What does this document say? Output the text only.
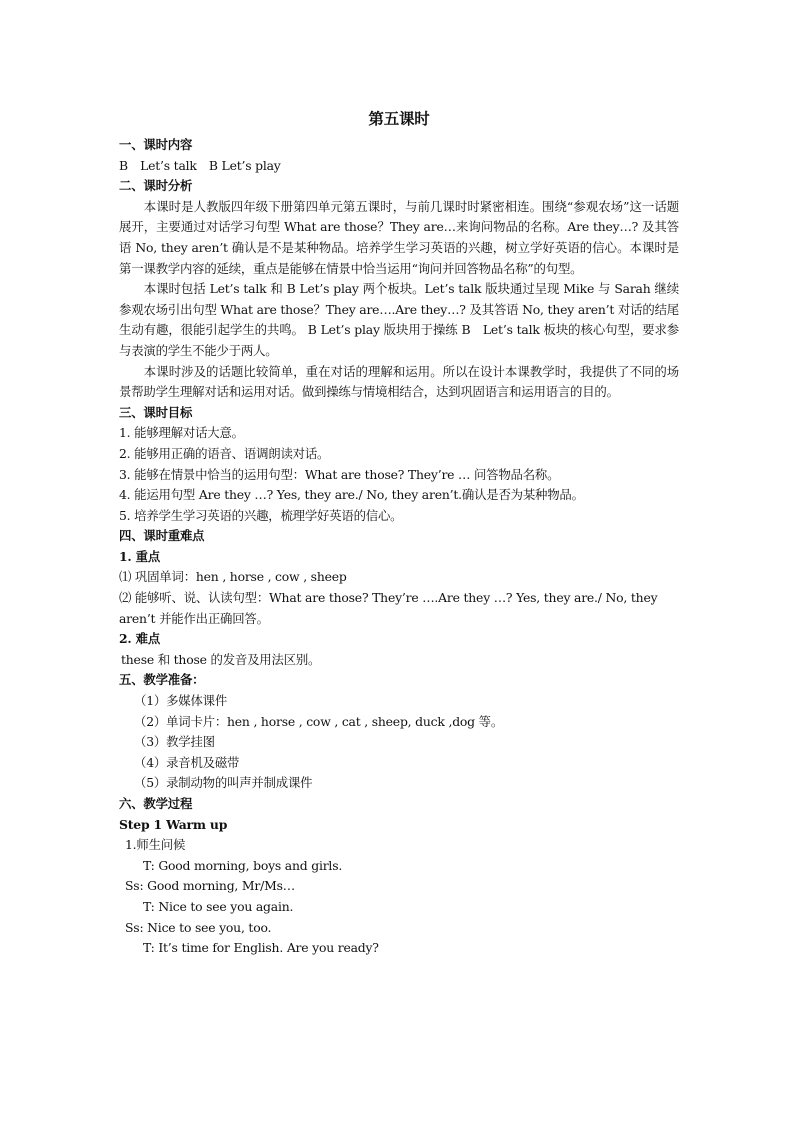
第五课时
一、课时内容
B　Let’s talk　B Let’s play
二、课时分析
本课时是人教版四年级下册第四单元第五课时，与前几课时时紧密相连。围绕“参观农场”这一话题展开，主要通过对话学习句型 What are those？They are…来询问物品的名称。Are they…? 及其答语 No, they aren’t 确认是不是某种物品。培养学生学习英语的兴趣，树立学好英语的信心。本课时是第一课教学内容的延续，重点是能够在情景中恰当运用“询问并回答物品名称”的句型。
本课时包括 Let’s talk 和 B Let’s play 两个板块。Let’s talk 版块通过呈现 Mike 与 Sarah 继续参观农场引出句型 What are those？They are….Are they…? 及其答语 No, they aren’t 对话的结尾生动有趣，很能引起学生的共鸣。 B Let’s play 版块用于操练 B　Let’s talk 板块的核心句型，要求参与表演的学生不能少于两人。
本课时涉及的话题比较简单，重在对话的理解和运用。所以在设计本课教学时，我提供了不同的场景帮助学生理解对话和运用对话。做到操练与情境相结合，达到巩固语言和运用语言的目的。
三、课时目标
1. 能够理解对话大意。
2. 能够用正确的语音、语调朗读对话。
3. 能够在情景中恰当的运用句型：What are those? They’re … 问答物品名称。
4. 能运用句型 Are they …? Yes, they are./ No, they aren’t.确认是否为某种物品。
5. 培养学生学习英语的兴趣，梳理学好英语的信心。
四、课时重难点
1. 重点
⑴ 巩固单词：hen , horse , cow , sheep
⑵ 能够听、说、认读句型：What are those? They’re ….Are they …? Yes, they are./ No, they aren’t 并能作出正确回答。
2. 难点
these 和 those 的发音及用法区别。
五、教学准备：
（1）多媒体课件
（2）单词卡片：hen , horse , cow , cat , sheep, duck ,dog 等。
（3）教学挂图
（4）录音机及磁带
（5）录制动物的叫声并制成课件
六、教学过程
Step 1 Warm up
1.师生问候
T: Good morning, boys and girls.
Ss: Good morning, Mr/Ms…
T: Nice to see you again.
Ss: Nice to see you, too.
T: It’s time for English. Are you ready?
